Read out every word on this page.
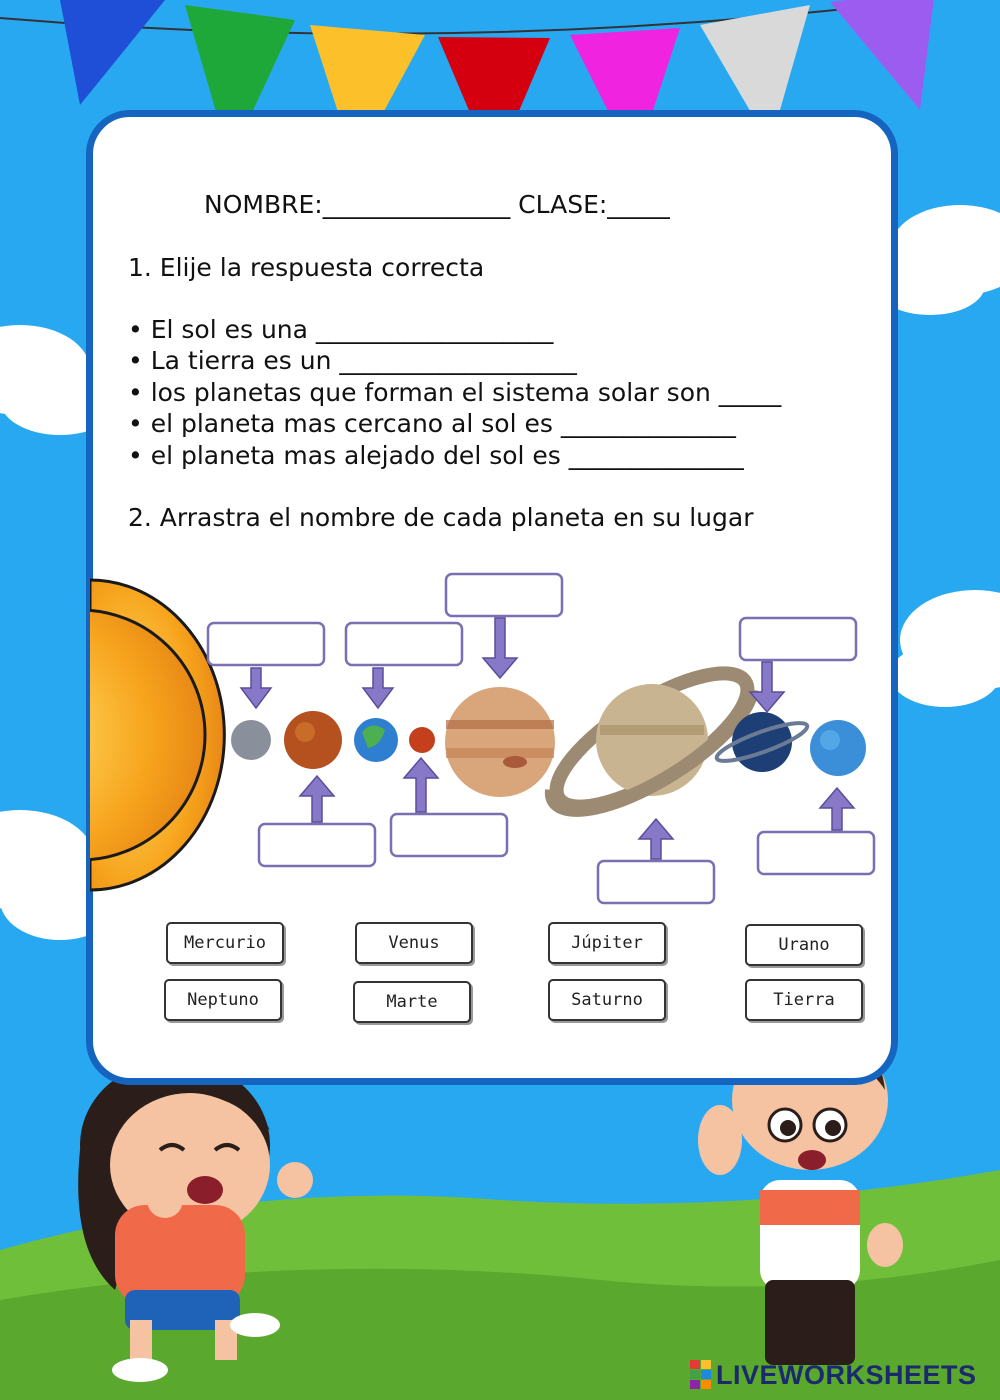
NOMBRE:_______________ CLASE:_____
1. Elije la respuesta correcta
• El sol es una ___________________
• La tierra es un ___________________
• los planetas que forman el sistema solar son _____
• el planeta mas cercano al sol es ______________
• el planeta mas alejado del sol es ______________
2. Arrastra el nombre de cada planeta en su lugar
Mercurio	Venus	Júpiter	Urano
Neptuno	Marte	Saturno	Tierra
LIVEWORKSHEETS
